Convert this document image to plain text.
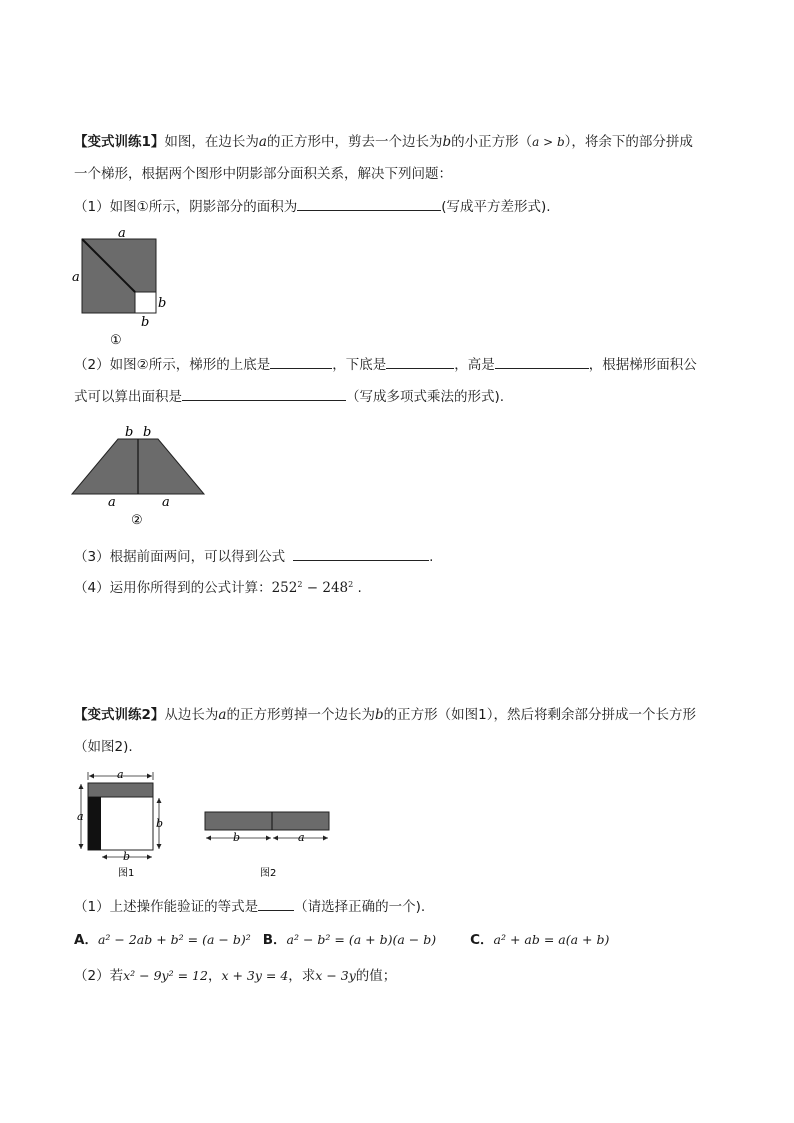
【变式训练1】如图，在边长为a的正方形中，剪去一个边长为b的小正方形（a > b），将余下的部分拼成
一个梯形，根据两个图形中阴影部分面积关系，解决下列问题：
（1）如图①所示，阴影部分的面积为	(写成平方差形式).
a
a
b
b
①
（2）如图②所示，梯形的上底是	，下底是	，高是	，根据梯形面积公
式可以算出面积是	（写成多项式乘法的形式).
b b
a	a
②
（3）根据前面两问，可以得到公式	.
（4）运用你所得到的公式计算：$252^2 - 248^2$ .
【变式训练2】从边长为a的正方形剪掉一个边长为b的正方形（如图1），然后将剩余部分拼成一个长方形
（如图2).
a
a
b
b
图1
b	a
图2
（1）上述操作能验证的等式是	（请选择正确的一个).
A．a² − 2ab + b² = (a − b)² B．a² − b² = (a + b)(a − b)	C．a² + ab = a(a + b)
（2）若x² − 9y² = 12，x + 3y = 4，求x − 3y的值；
